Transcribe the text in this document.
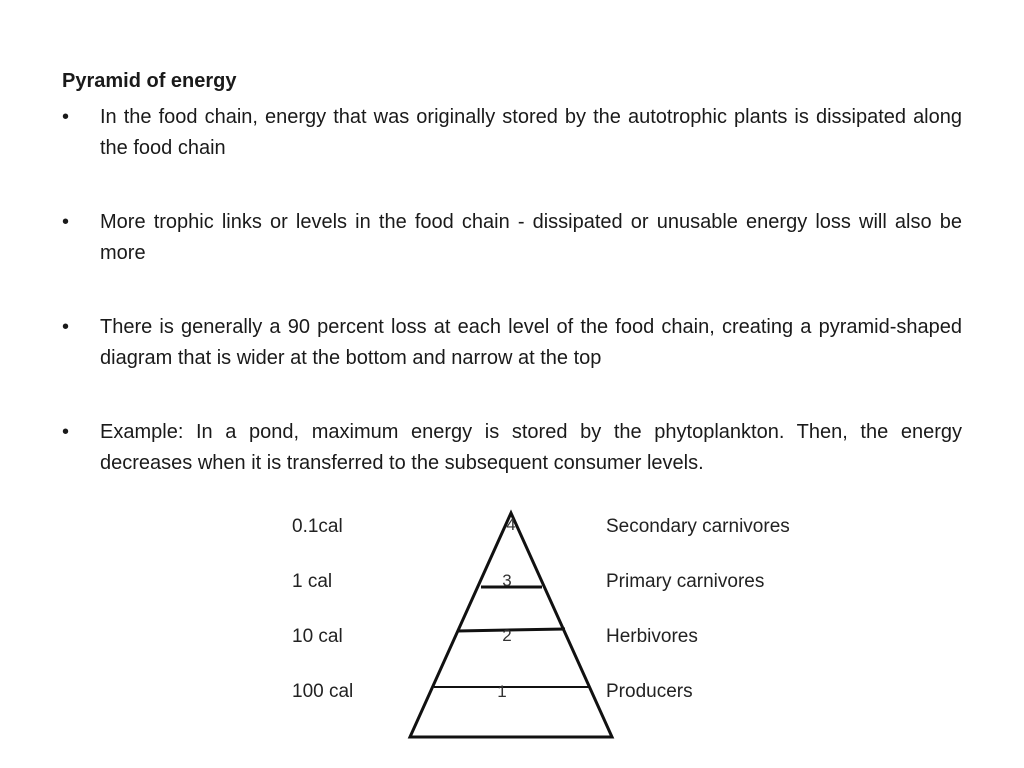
Pyramid of energy
• In the food chain, energy that was originally stored by the autotrophic plants is dissipated along the food chain
• More trophic links or levels in the food chain - dissipated or unusable energy loss will also be more
• There is generally a 90 percent loss at each level of the food chain, creating a pyramid-shaped diagram that is wider at the bottom and narrow at the top
• Example: In a pond, maximum energy is stored by the phytoplankton. Then, the energy decreases when it is transferred to the subsequent consumer levels.
4
3
2
1
0.1cal
1 cal
10 cal
100 cal
Secondary carnivores
Primary carnivores
Herbivores
Producers
